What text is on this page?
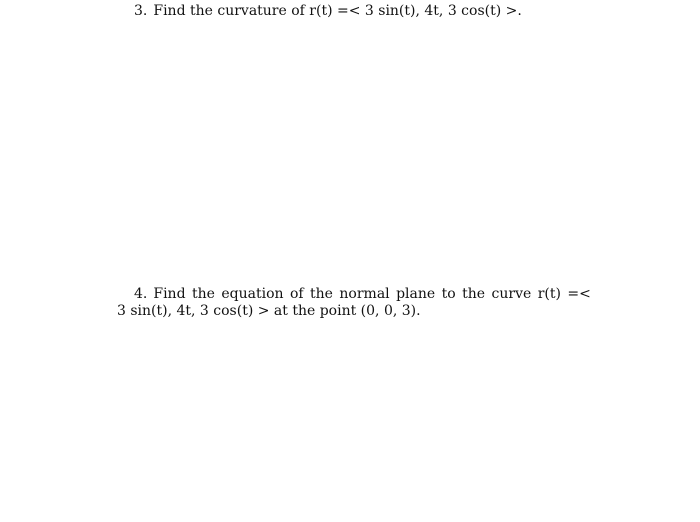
3. Find the curvature of r(t) =< 3 sin(t), 4t, 3 cos(t) >.
4. Find the equation of the normal plane to the curve r(t) =<
3 sin(t), 4t, 3 cos(t) > at the point (0, 0, 3).
